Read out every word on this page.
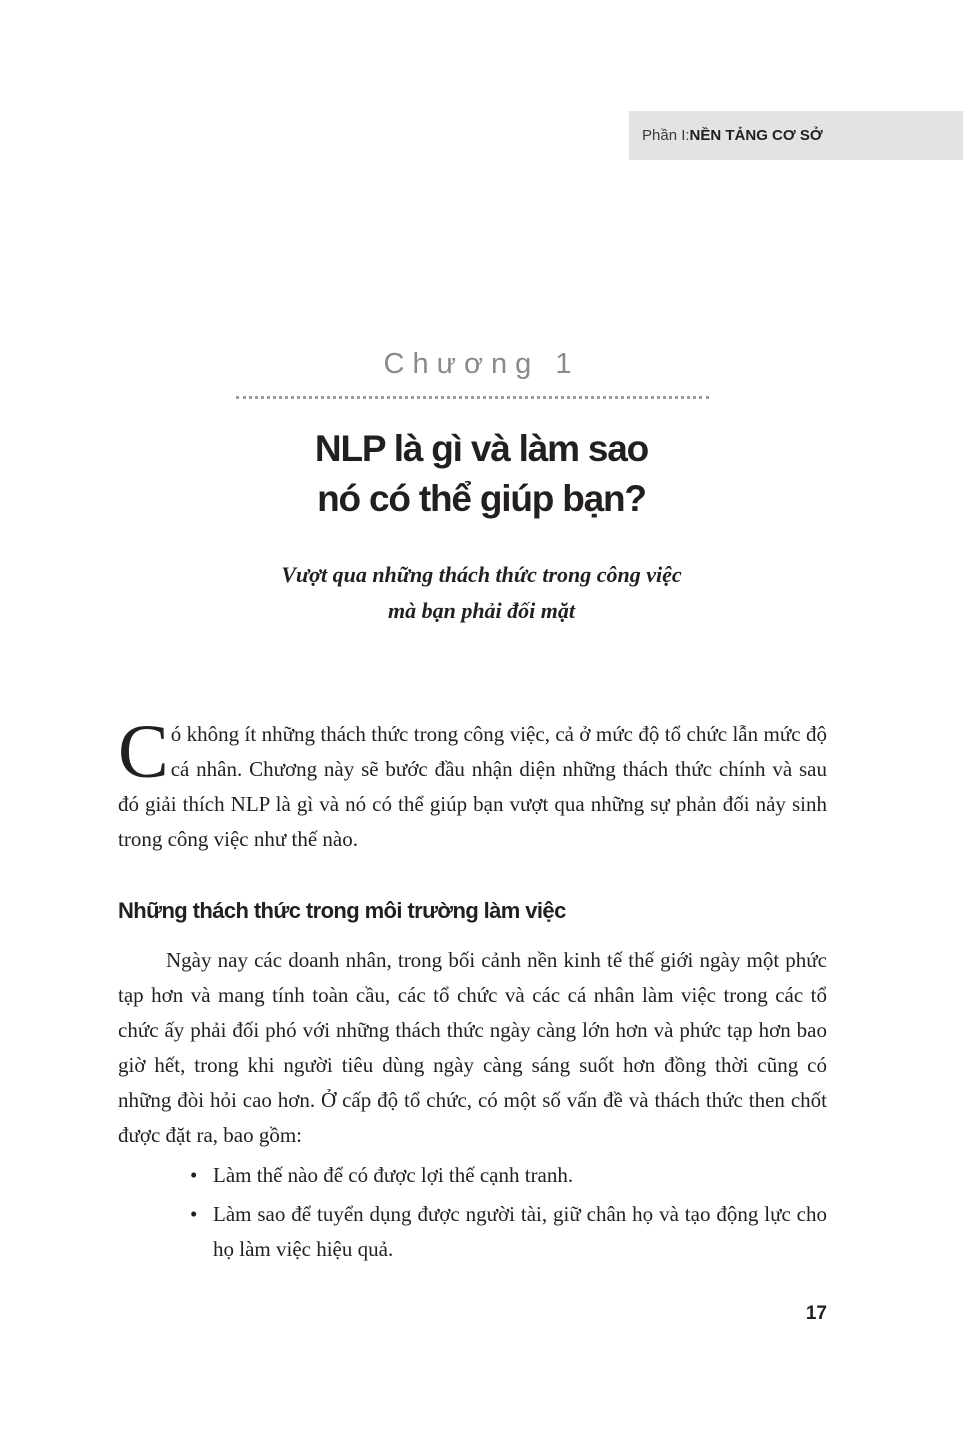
Phần I: NỀN TẢNG CƠ SỞ
Chương 1
NLP là gì và làm sao
nó có thể giúp bạn?
Vượt qua những thách thức trong công việc
mà bạn phải đối mặt
Có không ít những thách thức trong công việc, cả ở mức độ tổ chức lẫn mức độ cá nhân. Chương này sẽ bước đầu nhận diện những thách thức chính và sau đó giải thích NLP là gì và nó có thể giúp bạn vượt qua những sự phản đối nảy sinh trong công việc như thế nào.
Những thách thức trong môi trường làm việc
Ngày nay các doanh nhân, trong bối cảnh nền kinh tế thế giới ngày một phức tạp hơn và mang tính toàn cầu, các tổ chức và các cá nhân làm việc trong các tổ chức ấy phải đối phó với những thách thức ngày càng lớn hơn và phức tạp hơn bao giờ hết, trong khi người tiêu dùng ngày càng sáng suốt hơn đồng thời cũng có những đòi hỏi cao hơn. Ở cấp độ tổ chức, có một số vấn đề và thách thức then chốt được đặt ra, bao gồm:
• Làm thế nào để có được lợi thế cạnh tranh.
• Làm sao để tuyển dụng được người tài, giữ chân họ và tạo động lực cho họ làm việc hiệu quả.
17
